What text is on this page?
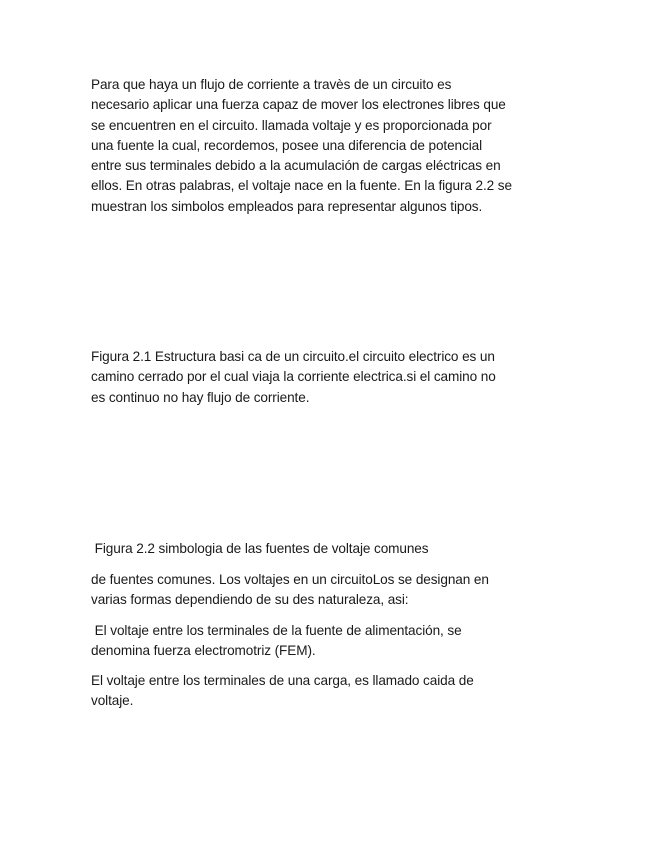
Para que haya un flujo de corriente a travès de un circuito es
necesario aplicar una fuerza capaz de mover los electrones libres que
se encuentren en el circuito. llamada voltaje y es proporcionada por
una fuente la cual, recordemos, posee una diferencia de potencial
entre sus terminales debido a la acumulación de cargas eléctricas en
ellos. En otras palabras, el voltaje nace en la fuente. En la figura 2.2 se
muestran los simbolos empleados para representar algunos tipos.
Figura 2.1 Estructura basi ca de un circuito.el circuito electrico es un
camino cerrado por el cual viaja la corriente electrica.si el camino no
es continuo no hay flujo de corriente.
Figura 2.2 simbologia de las fuentes de voltaje comunes
de fuentes comunes. Los voltajes en un circuitoLos se designan en
varias formas dependiendo de su des naturaleza, asi:
El voltaje entre los terminales de la fuente de alimentación, se
denomina fuerza electromotriz (FEM).
El voltaje entre los terminales de una carga, es llamado caida de
voltaje.
